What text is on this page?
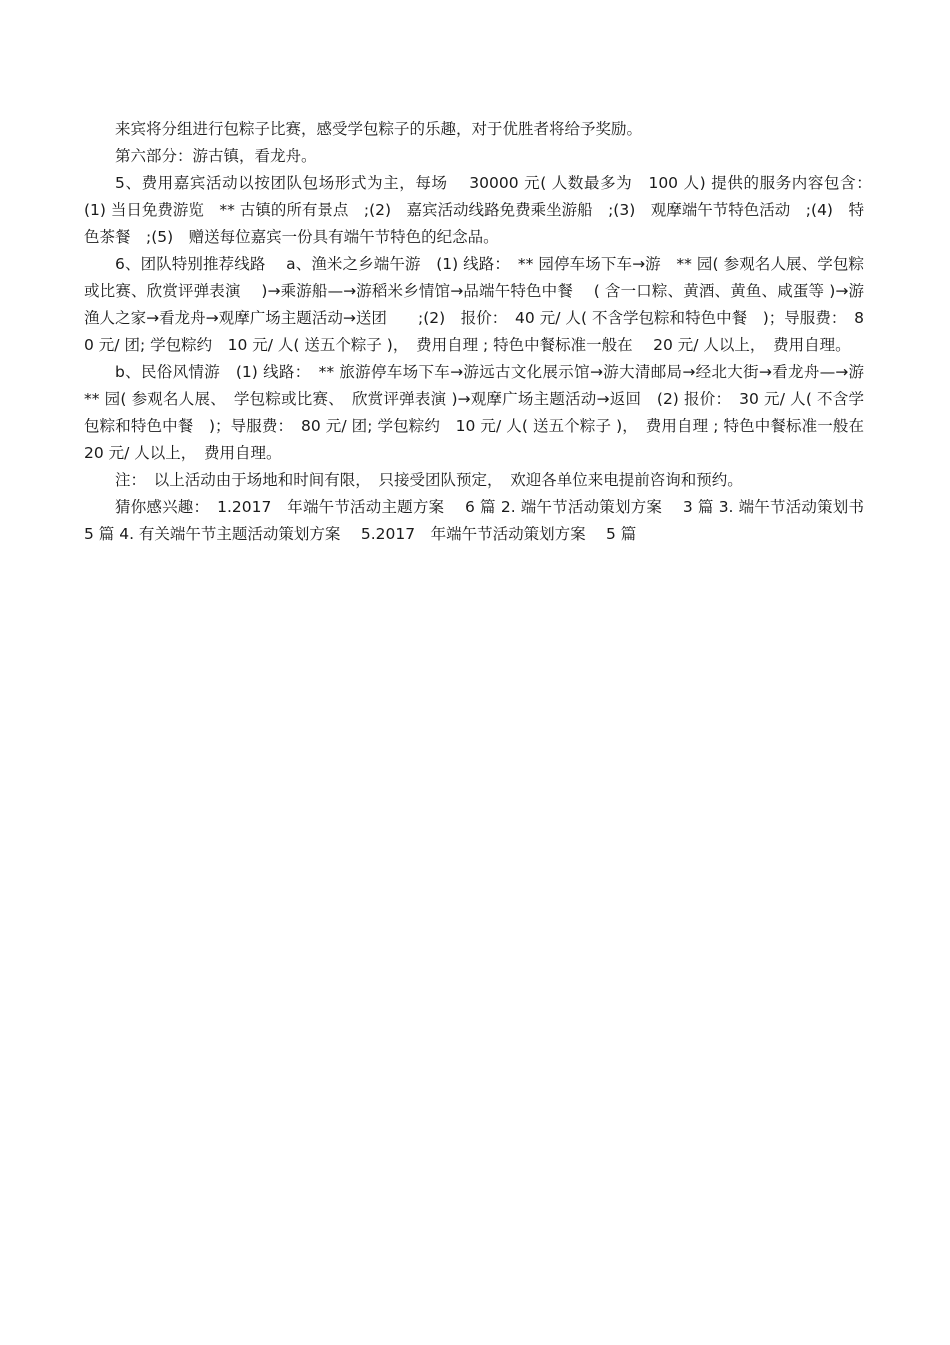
来宾将分组进行包粽子比赛，感受学包粽子的乐趣，对于优胜者将给予奖励。

第六部分：游古镇，看龙舟。

5、费用嘉宾活动以按团队包场形式为主，每场　 30000 元( 人数最多为　100 人) 提供的服务内容包含：　(1) 当日免费游览　** 古镇的所有景点　;(2)　嘉宾活动线路免费乘坐游船　;(3)　观摩端午节特色活动　;(4)　特色茶餐　;(5)　赠送每位嘉宾一份具有端午节特色的纪念品。

6、团队特别推荐线路　 a、渔米之乡端午游　(1) 线路：　** 园停车场下车→游　** 园( 参观名人展、学包粽或比赛、欣赏评弹表演　 )→乘游船—→游稻米乡情馆→品端午特色中餐　 ( 含一口粽、黄酒、黄鱼、咸蛋等 )→游渔人之家→看龙舟→观摩广场主题活动→送团　　;(2)　报价：　40 元/ 人( 不含学包粽和特色中餐　)；导服费：　80 元/ 团; 学包粽约　10 元/ 人( 送五个粽子 )，　费用自理 ; 特色中餐标准一般在　 20 元/ 人以上，　费用自理。

b、民俗风情游　(1) 线路：　** 旅游停车场下车→游远古文化展示馆→游大清邮局→经北大街→看龙舟—→游　** 园( 参观名人展、　学包粽或比赛、　欣赏评弹表演 )→观摩广场主题活动→返回　(2) 报价：　30 元/ 人( 不含学包粽和特色中餐　)；导服费：　80 元/ 团; 学包粽约　10 元/ 人( 送五个粽子 )，　费用自理 ; 特色中餐标准一般在　 20 元/ 人以上，　费用自理。

注：　以上活动由于场地和时间有限，　只接受团队预定，　欢迎各单位来电提前咨询和预约。

猜你感兴趣：　1.2017　年端午节活动主题方案　 6 篇 2. 端午节活动策划方案　 3 篇 3. 端午节活动策划书　5 篇 4. 有关端午节主题活动策划方案　 5.2017　年端午节活动策划方案　 5 篇
